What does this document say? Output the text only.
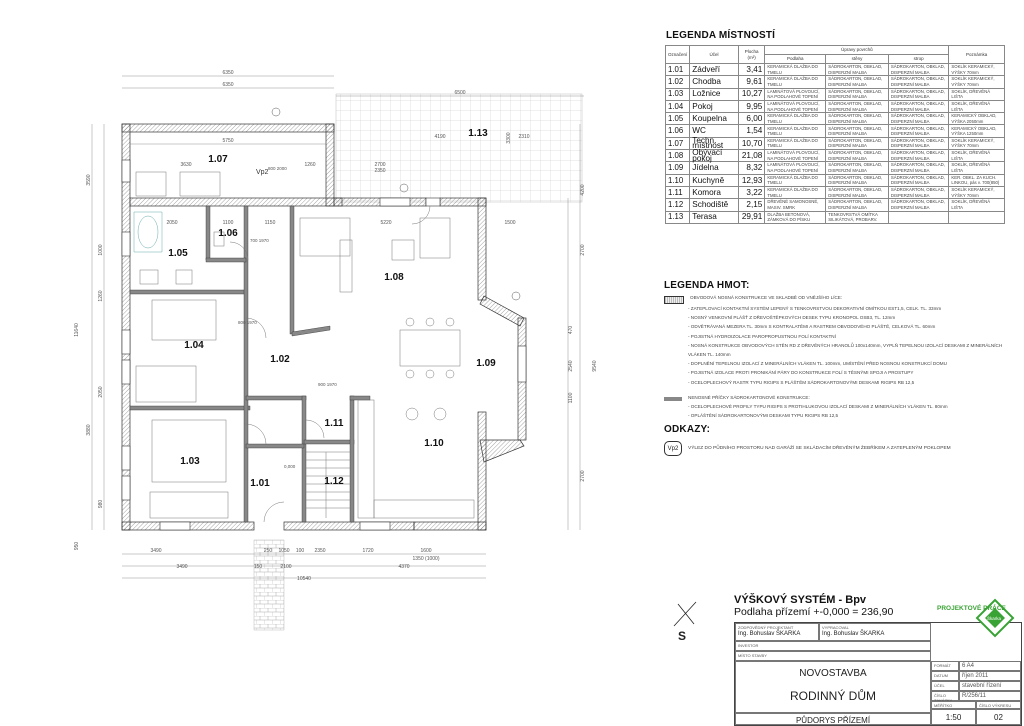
6350
6350
6500
5750
4190	2310
3630	2700
3300
2350
1260
1500
5220
2050	1100	1150
3490	250 1050 100	1720	1600
2350
3490	2100
150	4370
1350 (1000)
10540
3590
11640
1000
1260
2050
3880
980
950
4200
2700
9540
470
2540
1100
2700
800 1970
700 1970
900 1970
800 2000
1.07
1.06
1.05
1.04
1.03
1.02
1.01
1.08
1.09
1.10
1.11
1.12
1.13
Vp2
0,000
S
LEGENDA MÍSTNOSTÍ
Označení	Účel	Plocha (m²)	Úpravy povrchů			Poznámka
			Podlaha	stěny	strop	
1.01	Zádveří	3,41	KERAMICKÁ DLAŽBA DO TMELU	SÁDROKARTON, OBKLAD, DISPERZNÍ MALBA	SÁDROKARTON, OBKLAD, DISPERZNÍ MALBA	SOKLÍK KERAMICKÝ, VÝŠKY 70mm
1.02	Chodba	9,61	KERAMICKÁ DLAŽBA DO TMELU	SÁDROKARTON, OBKLAD, DISPERZNÍ MALBA	SÁDROKARTON, OBKLAD, DISPERZNÍ MALBA	SOKLÍK KERAMICKÝ, VÝŠKY 70mm
1.03	Ložnice	10,27	LAMINÁTOVÁ PLOVOUCÍ, NA PODLAHOVÉ TOPENÍ	SÁDROKARTON, OBKLAD, DISPERZNÍ MALBA	SÁDROKARTON, OBKLAD, DISPERZNÍ MALBA	SOKLÍK, DŘEVĚNÁ LIŠTA
1.04	Pokoj	9,95	LAMINÁTOVÁ PLOVOUCÍ, NA PODLAHOVÉ TOPENÍ	SÁDROKARTON, OBKLAD, DISPERZNÍ MALBA	SÁDROKARTON, OBKLAD, DISPERZNÍ MALBA	SOKLÍK, DŘEVĚNÁ LIŠTA
1.05	Koupelna	6,00	KERAMICKÁ DLAŽBA DO TMELU	SÁDROKARTON, OBKLAD, DISPERZNÍ MALBA	SÁDROKARTON, OBKLAD, DISPERZNÍ MALBA	KERAMICKÝ OBKLAD, VÝŠKA 2050mm
1.06	WC	1,54	KERAMICKÁ DLAŽBA DO TMELU	SÁDROKARTON, OBKLAD, DISPERZNÍ MALBA	SÁDROKARTON, OBKLAD, DISPERZNÍ MALBA	KERAMICKÝ OBKLAD, VÝŠKA 1250mm
1.07	Techn. místnost	10,70	KERAMICKÁ DLAŽBA DO TMELU	SÁDROKARTON, OBKLAD, DISPERZNÍ MALBA	SÁDROKARTON, OBKLAD, DISPERZNÍ MALBA	SOKLÍK KERAMICKÝ, VÝŠKY 70mm
1.08	Obývací pokoj	21,08	LAMINÁTOVÁ PLOVOUCÍ, NA PODLAHOVÉ TOPENÍ	SÁDROKARTON, OBKLAD, DISPERZNÍ MALBA	SÁDROKARTON, OBKLAD, DISPERZNÍ MALBA	SOKLÍK, DŘEVĚNÁ LIŠTA
1.09	Jídelna	8,32	LAMINÁTOVÁ PLOVOUCÍ, NA PODLAHOVÉ TOPENÍ	SÁDROKARTON, OBKLAD, DISPERZNÍ MALBA	SÁDROKARTON, OBKLAD, DISPERZNÍ MALBA	SOKLÍK, DŘEVĚNÁ LIŠTA
1.10	Kuchyně	12,93	KERAMICKÁ DLAŽBA DO TMELU	SÁDROKARTON, OBKLAD, DISPERZNÍ MALBA	SÁDROKARTON, OBKLAD, DISPERZNÍ MALBA	KER. OBKL. ZA KUCH. LINKOU, pás v. 700(850)
1.11	Komora	3,22	KERAMICKÁ DLAŽBA DO TMELU	SÁDROKARTON, OBKLAD, DISPERZNÍ MALBA	SÁDROKARTON, OBKLAD, DISPERZNÍ MALBA	SOKLÍK KERAMICKÝ, VÝŠKY 70mm
1.12	Schodiště	2,15	DŘEVĚNÉ SAMONOSNÉ, MASIV. SMRK	SÁDROKARTON, OBKLAD, DISPERZNÍ MALBA	SÁDROKARTON, OBKLAD, DISPERZNÍ MALBA	SOKLÍK, DŘEVĚNÁ LIŠTA
1.13	Terasa	29,91	DLAŽBA BETONOVÁ, ZÁMKOVÁ DO PÍSKU	TENKOVRSTVÁ OMÍTKA SILIKÁTOVÁ, PROBARV.		
LEGENDA HMOT:
OBVODOVÁ NOSNÁ KONSTRUKCE VE SKLADBĚ OD VNĚJŠÍHO LÍCE:
- ZATEPLOVACÍ KONTAKTNÍ SYSTÉM LEPENÝ S TENKOVRSTVOU DEKORATIVNÍ OMÍTKOU EST1,5, CELK. TL. 33mm
- NOSNÝ VENKOVNÍ PLÁŠŤ Z DŘEVOŠTĚPKOVÝCH DESEK TYPU KRONOPOL OSB3, TL. 12mm
- ODVĚTRÁVANÁ MEZERA TL. 30mm S KONTRALATĚMI A RASTREM OBVODOVÉHO PLÁŠTĚ, CELKOVÁ TL. 60mm
- POJISTNÁ HYDROIZOLACE PAROPROPUSTNOU FOLÍ KONTAKTNÍ
- NOSNÁ KONSTRUKCE OBVODOVÝCH STĚN RD Z DŘEVĚNÝCH HRANOLŮ 100x140mm, VYPLŇ TEPELNOU IZOLACÍ DESKAMI Z MINERÁLNÍCH VLÁKEN TL. 140mm
- DOPLNĚNÍ TEPELNOU IZOLACÍ Z MINERÁLNÍCH VLÁKEN TL. 100mm, UMÍSTĚNÍ PŘED NOSNOU KONSTRUKCÍ DOMU
- POJISTNÁ IZOLACE PROTI PRONIKÁNÍ PÁRY DO KONSTRUKCE FOLÍ S TĚSNÝMI SPOJI A PROSTUPY
- OCELOPLECHOVÝ RASTR TYPU RIGIPS S PLÁŠTĚM SÁDROKARTONOVÝMI DESKAMI RIGIPS RB 12,5
NENOSNÉ PŘÍČKY SÁDROKARTONOVÉ KONSTRUKCE:
- OCELOPLECHOVÉ PROFILY TYPU RIGIPS S PROTIHLUKOVOU IZOLACÍ DESKAMI Z MINERÁLNÍCH VLÁKEN TL. 80mm
- OPLÁŠTĚNÍ SÁDROKARTONOVÝMI DESKAMI TYPU RIGIPS RB 12,5
ODKAZY:
Vp2	VÝLEZ DO PŮDNÍHO PROSTORU NAD GARÁŽÍ SE SKLÁDACÍM DŘEVĚNÝM ŽEBŘÍKEM A ZATEPLENÝM POKLOPEM
VÝŠKOVÝ SYSTÉM - Bpv
Podlaha přízemí +-0,000 = 236,90
ZODPOVĚDNÝ PROJEKTANT
Ing. Bohuslav ŠKARKA
VYPRACOVAL
Ing. Bohuslav ŠKARKA
PROJEKTOVÉ PRÁCE
Škarka
INVESTOR
MÍSTO STAVBY
NOVOSTAVBA
RODINNÝ DŮM
PŮDORYS PŘÍZEMÍ
FORMÁT	6 A4
DATUM	říjen 2011
ÚČEL	stavební řízení
ČÍSLO ZAKÁZKY
R/256/11
MĚŘÍTKO	ČÍSLO VÝKRESU
1:50	02
